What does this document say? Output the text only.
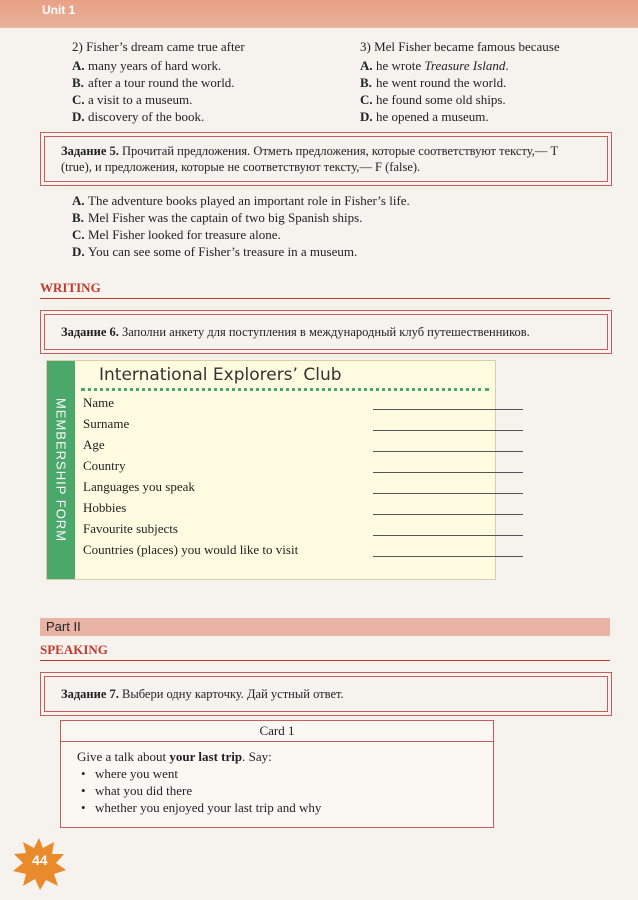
Unit 1
2) Fisher’s dream came true after
A. many years of hard work.
B. after a tour round the world.
C. a visit to a museum.
D. discovery of the book.
3) Mel Fisher became famous because
A. he wrote Treasure Island.
B. he went round the world.
C. he found some old ships.
D. he opened a museum.
Задание 5. Прочитай предложения. Отметь предложения, которые соответствуют тексту,— T (true), и предложения, которые не соответствуют тексту,— F (false).
A. The adventure books played an important role in Fisher’s life.
B. Mel Fisher was the captain of two big Spanish ships.
C. Mel Fisher looked for treasure alone.
D. You can see some of Fisher’s treasure in a museum.
WRITING
Задание 6. Заполни анкету для поступления в международный клуб путешественников.
MEMBERSHIP FORM
International Explorers’ Club
Name
Surname
Age
Country
Languages you speak
Hobbies
Favourite subjects
Countries (places) you would like to visit
Part II
SPEAKING
Задание 7. Выбери одну карточку. Дай устный ответ.
Card 1
Give a talk about your last trip. Say:
• where you went
• what you did there
• whether you enjoyed your last trip and why
44
